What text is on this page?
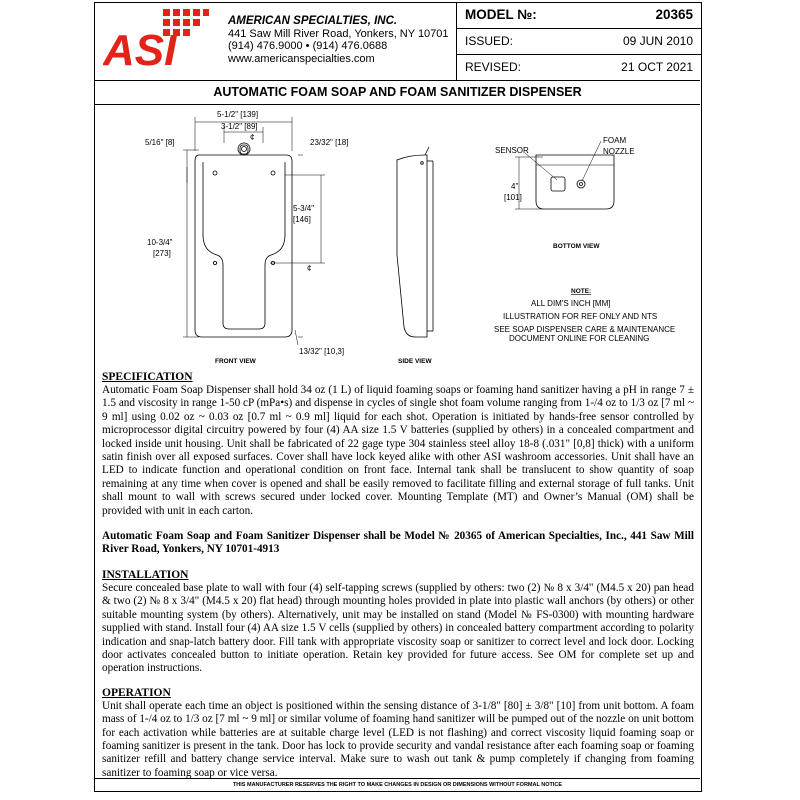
ASI
AMERICAN SPECIALTIES, INC.
441 Saw Mill River Road, Yonkers, NY 10701
(914) 476.9000 • (914) 476.0688
www.americanspecialties.com
MODEL №:	20365
ISSUED:	09 JUN 2010
REVISED:	21 OCT 2021
AUTOMATIC FOAM SOAP AND FOAM SANITIZER DISPENSER
5-1/2" [139]
3-1/2" [89]
5/16" [8]	23/32" [18]
5-3/4"
[146]
10-3/4"
[273]
13/32" [10,3]
¢
¢
FRONT VIEW	SIDE VIEW
SENSOR
FOAM
NOZZLE
4"
[101]
BOTTOM VIEW
NOTE:
ALL DIM'S INCH [MM]
ILLUSTRATION FOR REF ONLY AND NTS
SEE SOAP DISPENSER CARE & MAINTENANCE
DOCUMENT ONLINE FOR CLEANING
SPECIFICATION

Automatic Foam Soap Dispenser shall hold 34 oz (1 L) of liquid foaming soaps or foaming hand sanitizer having a pH in range 7 ± 1.5 and viscosity in range 1-50 cP (mPa•s) and dispense in cycles of single shot foam volume ranging from 1-/4 oz to 1/3 oz [7 ml ~ 9 ml] using 0.02 oz ~ 0.03 oz [0.7 ml ~ 0.9 ml] liquid for each shot. Operation is initiated by hands-free sensor controlled by microprocessor digital circuitry powered by four (4) AA size 1.5 V batteries (supplied by others) in a concealed compartment and locked inside unit housing. Unit shall be fabricated of 22 gage type 304 stainless steel alloy 18-8 (.031" [0,8] thick) with a uniform satin finish over all exposed surfaces. Cover shall have lock keyed alike with other ASI washroom accessories. Unit shall have an LED to indicate function and operational condition on front face. Internal tank shall be translucent to show quantity of soap remaining at any time when cover is opened and shall be easily removed to facilitate filling and external storage of full tanks. Unit shall mount to wall with screws secured under locked cover. Mounting Template (MT) and Owner’s Manual (OM) shall be provided with unit in each carton.

Automatic Foam Soap and Foam Sanitizer Dispenser shall be Model № 20365 of American Specialties, Inc., 441 Saw Mill River Road, Yonkers, NY 10701-4913

INSTALLATION

Secure concealed base plate to wall with four (4) self-tapping screws (supplied by others: two (2) № 8 x 3/4" (M4.5 x 20) pan head & two (2) № 8 x 3/4" (M4.5 x 20) flat head) through mounting holes provided in plate into plastic wall anchors (by others) or other suitable mounting system (by others). Alternatively, unit may be installed on stand (Model № FS-0300) with mounting hardware supplied with stand. Install four (4) AA size 1.5 V cells (supplied by others) in concealed battery compartment according to polarity indication and snap-latch battery door. Fill tank with appropriate viscosity soap or sanitizer to correct level and lock door. Locking door activates concealed button to initiate operation. Retain key provided for future access. See OM for complete set up and operation instructions.

OPERATION

Unit shall operate each time an object is positioned within the sensing distance of 3-1/8" [80] ± 3/8" [10] from unit bottom. A foam mass of 1-/4 oz to 1/3 oz [7 ml ~ 9 ml] or similar volume of foaming hand sanitizer will be pumped out of the nozzle on unit bottom for each activation while batteries are at suitable charge level (LED is not flashing) and correct viscosity liquid foaming soap or foaming sanitizer is present in the tank. Door has lock to provide security and vandal resistance after each foaming soap or foaming sanitizer refill and battery change service interval. Make sure to wash out tank & pump completely if changing from foaming sanitizer to foaming soap or vice versa.

THIS MANUFACTURER RESERVES THE RIGHT TO MAKE CHANGES IN DESIGN OR DIMENSIONS WITHOUT FORMAL NOTICE
